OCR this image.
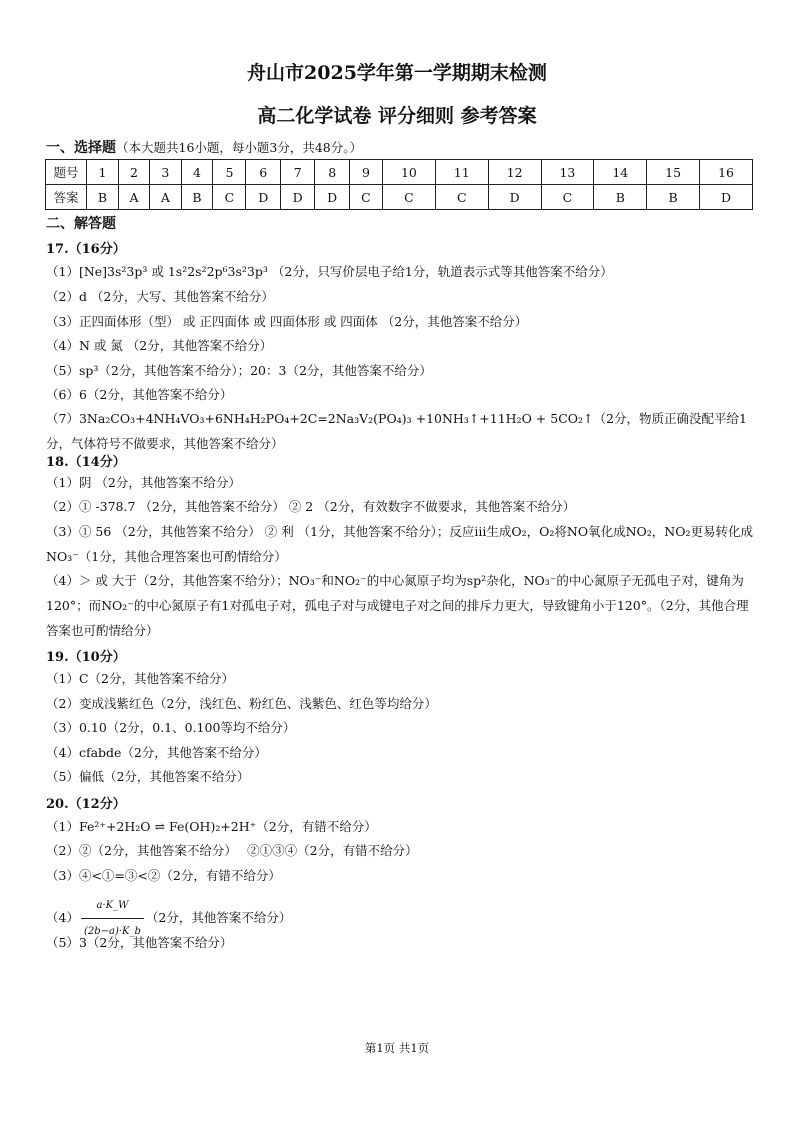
舟山市2025学年第一学期期末检测
高二化学试卷 评分细则 参考答案
一、选择题（本大题共16小题，每小题3分，共48分。）
题号	1	2	3	4	5	6	7	8	9	10	11	12	13	14	15	16
答案	B	A	A	B	C	D	D	D	C	C	C	D	C	B	B	D
二、解答题
17.（16分）
（1）[Ne]3s²3p³ 或 1s²2s²2p⁶3s²3p³ （2分，只写价层电子给1分，轨道表示式等其他答案不给分）
（2）d （2分，大写、其他答案不给分）
（3）正四面体形（型） 或 正四面体 或 四面体形 或 四面体 （2分，其他答案不给分）
（4）N 或 氮 （2分，其他答案不给分）
（5）sp³（2分，其他答案不给分）；20：3（2分，其他答案不给分）
（6）6（2分，其他答案不给分）
（7）3Na₂CO₃+4NH₄VO₃+6NH₄H₂PO₄+2C=2Na₃V₂(PO₄)₃ +10NH₃↑+11H₂O + 5CO₂↑（2分，物质正确没配平给1分，气体符号不做要求，其他答案不给分）
18.（14分）
（1）阴 （2分，其他答案不给分）
（2）① -378.7 （2分，其他答案不给分） ② 2 （2分，有效数字不做要求，其他答案不给分）
（3）① 56 （2分，其他答案不给分） ② 利 （1分，其他答案不给分）；反应iii生成O₂，O₂将NO氧化成NO₂，NO₂更易转化成NO₃⁻（1分，其他合理答案也可酌情给分）
（4）＞ 或 大于（2分，其他答案不给分）；NO₃⁻和NO₂⁻的中心氮原子均为sp²杂化，NO₃⁻的中心氮原子无孤电子对，键角为120°；而NO₂⁻的中心氮原子有1对孤电子对，孤电子对与成键电子对之间的排斥力更大，导致键角小于120°。（2分，其他合理答案也可酌情给分）
19.（10分）
（1）C（2分，其他答案不给分）
（2）变成浅紫红色（2分，浅红色、粉红色、浅紫色、红色等均给分）
（3）0.10（2分，0.1、0.100等均不给分）
（4）cfabde（2分，其他答案不给分）
（5）偏低（2分，其他答案不给分）
20.（12分）
（1）Fe²⁺+2H₂O ⇌ Fe(OH)₂+2H⁺（2分，有错不给分）
（2）②（2分，其他答案不给分）　 ②①③④（2分，有错不给分）
（3）④<①=③<②（2分，有错不给分）
$(4) \frac{a\cdot K\_W}{(2b-a)\cdot K\_b} (2$分，其他答案不给分）
（5）3（2分，其他答案不给分）
第1页 共1页
